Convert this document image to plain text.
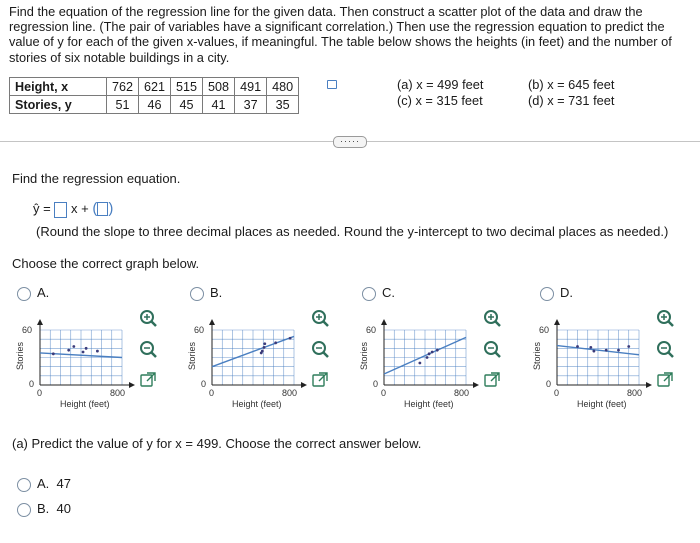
Find the equation of the regression line for the given data. Then construct a scatter plot of the data and draw the regression line. (The pair of variables have a significant correlation.) Then use the regression equation to predict the value of y for each of the given x-values, if meaningful. The table below shows the heights (in feet) and the number of stories of six notable buildings in a city.
Height, x	762	621	515	508	491	480
Stories, y	51	46	45	41	37	35
(a) x = 499 feet
(c) x = 315 feet
(b) x = 645 feet
(d) x = 731 feet
·····
Find the regression equation.
ŷ = x + ( )
(Round the slope to three decimal places as needed. Round the y-intercept to two decimal places as needed.)
Choose the correct graph below.
A.	B.	C.	D.
60
0
0	800
Height (feet)
Stories
60
0
0	800
Height (feet)
Stories
60
0
0	800
Height (feet)
Stories
60
0
0	800
Height (feet)
Stories
(a) Predict the value of y for x = 499. Choose the correct answer below.
A. 47
B. 40
